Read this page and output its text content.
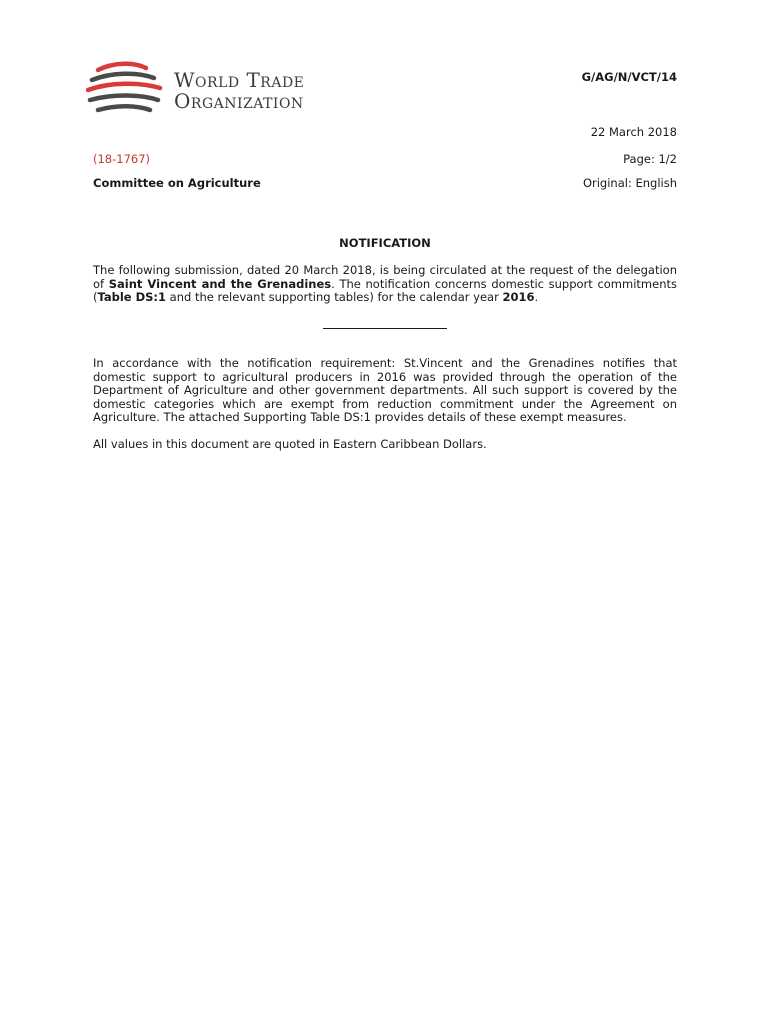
World Trade
Organization
G/AG/N/VCT/14
22 March 2018
(18-1767)	Page: 1/2
Committee on Agriculture	Original: English
NOTIFICATION
The following submission, dated 20 March 2018, is being circulated at the request of the delegation of Saint Vincent and the Grenadines. The notification concerns domestic support commitments (Table DS:1 and the relevant supporting tables) for the calendar year 2016.
In accordance with the notification requirement: St.Vincent and the Grenadines notifies that domestic support to agricultural producers in 2016 was provided through the operation of the Department of Agriculture and other government departments. All such support is covered by the domestic categories which are exempt from reduction commitment under the Agreement on Agriculture. The attached Supporting Table DS:1 provides details of these exempt measures.
All values in this document are quoted in Eastern Caribbean Dollars.
